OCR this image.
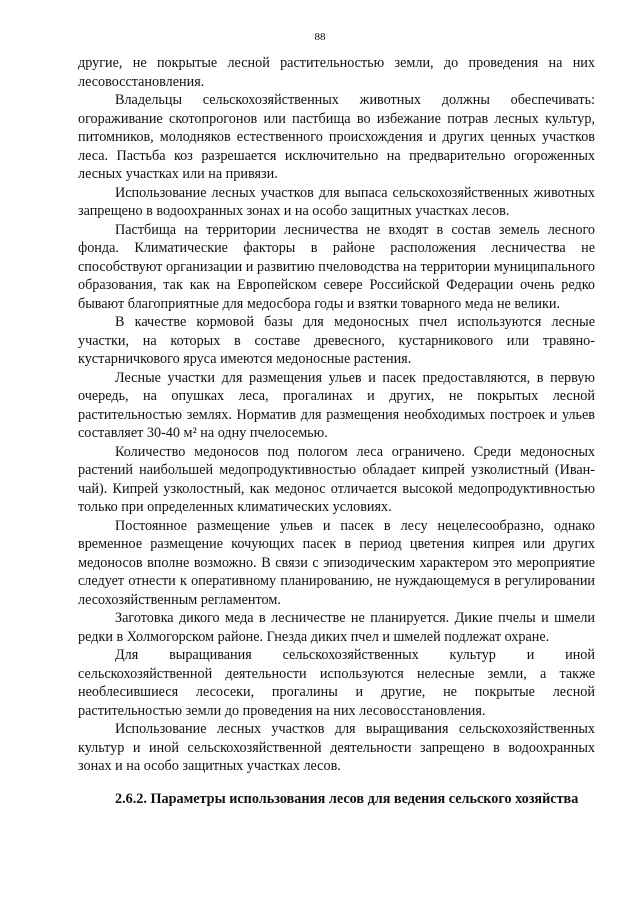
88

другие, не покрытые лесной растительностью земли, до проведения на них лесовосстановления.

Владельцы сельскохозяйственных животных должны обеспечивать: огораживание скотопрогонов или пастбища во избежание потрав лесных культур, питомников, молодняков естественного происхождения и других ценных участков леса. Пастьба коз разрешается исключительно на предварительно огороженных лесных участках или на привязи.

Использование лесных участков для выпаса сельскохозяйственных животных запрещено в водоохранных зонах и на особо защитных участках лесов.

Пастбища на территории лесничества не входят в состав земель лесного фонда. Климатические факторы в районе расположения лесничества не способствуют организации и развитию пчеловодства на территории муниципального образования, так как на Европейском севере Российской Федерации очень редко бывают благоприятные для медосбора годы и взятки товарного меда не велики.

В качестве кормовой базы для медоносных пчел используются лесные участки, на которых в составе древесного, кустарникового или травяно-кустарничкового яруса имеются медоносные растения.

Лесные участки для размещения ульев и пасек предоставляются, в первую очередь, на опушках леса, прогалинах и других, не покрытых лесной растительностью землях. Норматив для размещения необходимых построек и ульев составляет 30-40 м² на одну пчелосемью.

Количество медоносов под пологом леса ограничено. Среди медоносных растений наибольшей медопродуктивностью обладает кипрей узколистный (Иван-чай). Кипрей узколостный, как медонос отличается высокой медопродуктивностью только при определенных климатических условиях.

Постоянное размещение ульев и пасек в лесу нецелесообразно, однако временное размещение кочующих пасек в период цветения кипрея или других медоносов вполне возможно. В связи с эпизодическим характером это мероприятие следует отнести к оперативному планированию, не нуждающемуся в регулировании лесохозяйственным регламентом.

Заготовка дикого меда в лесничестве не планируется. Дикие пчелы и шмели редки в Холмогорском районе. Гнезда диких пчел и шмелей подлежат охране.

Для выращивания сельскохозяйственных культур и иной сельскохозяйственной деятельности используются нелесные земли, а также необлесившиеся лесосеки, прогалины и другие, не покрытые лесной растительностью земли до проведения на них лесовосстановления.

Использование лесных участков для выращивания сельскохозяйственных культур и иной сельскохозяйственной деятельности запрещено в водоохранных зонах и на особо защитных участках лесов.

2.6.2. Параметры использования лесов для ведения сельского хозяйства
